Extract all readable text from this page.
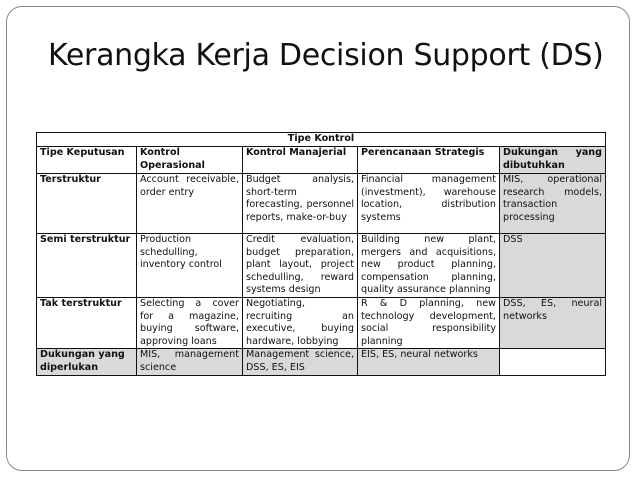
Kerangka Kerja Decision Support (DS)
Tipe Kontrol				
Tipe Keputusan	Kontrol Operasional	Kontrol Manajerial	Perencanaan Strategis	Dukungan yang dibutuhkan
Terstruktur	Account receivable, order entry	Budget analysis, short-term forecasting, personnel reports, make-or-buy	Financial management (investment), warehouse location, distribution systems	MIS, operational research models, transaction processing
Semi terstruktur	Production schedulling, inventory control	Credit evaluation, budget preparation, plant layout, project schedulling, reward systems design	Building new plant, mergers and acquisitions, new product planning, compensation planning, quality assurance planning	DSS
Tak terstruktur	Selecting a cover for a magazine, buying software, approving loans	Negotiating, recruiting an executive, buying hardware, lobbying	R & D planning, new technology development, social responsibility planning	DSS, ES, neural networks
Dukungan yang diperlukan	MIS, management science	Management science, DSS, ES, EIS	EIS, ES, neural networks	
